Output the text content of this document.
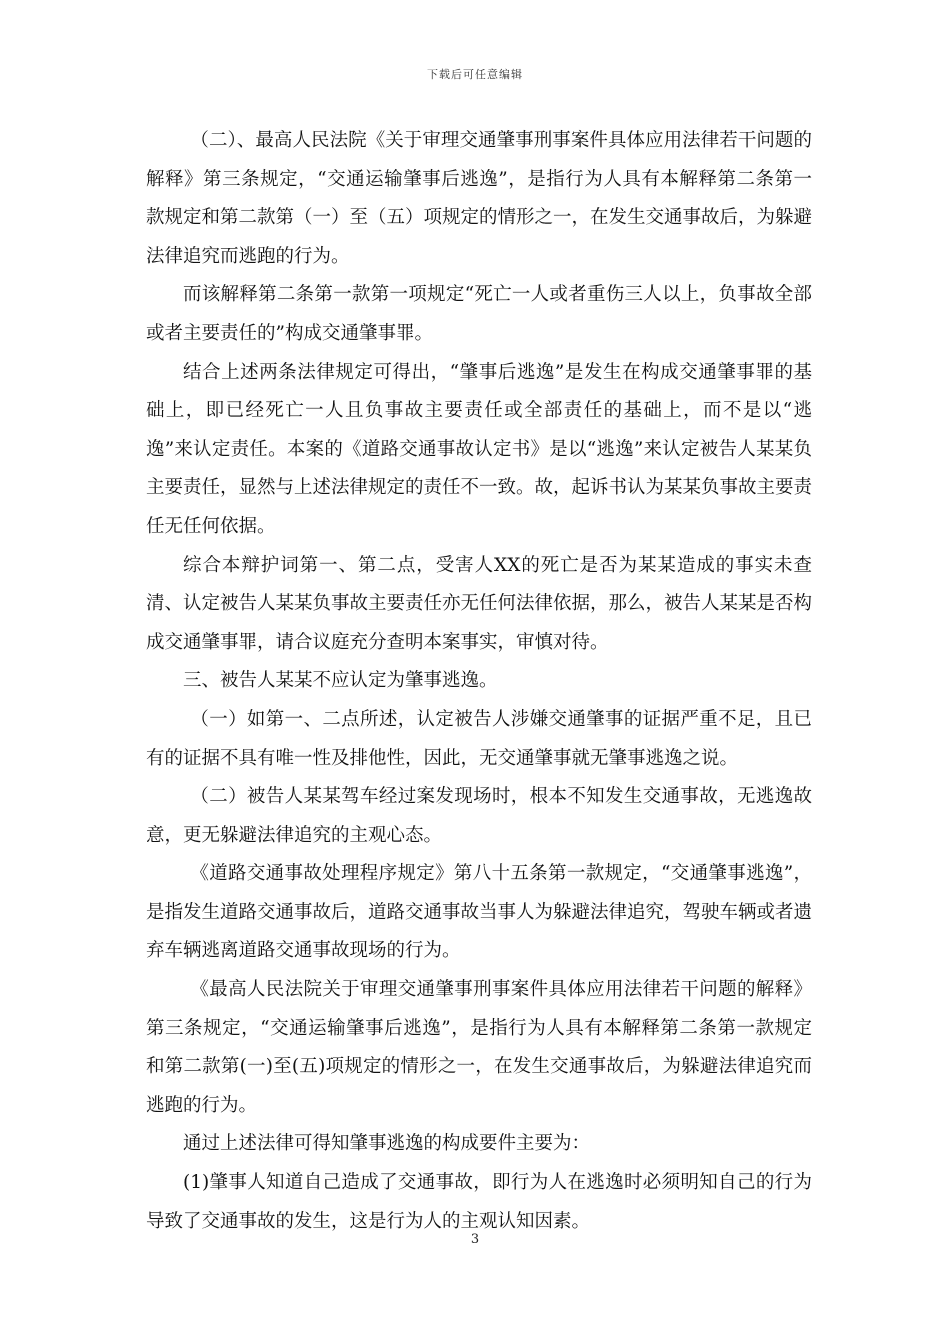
下载后可任意编辑

（二）、最高人民法院《关于审理交通肇事刑事案件具体应用法律若干问题的解释》第三条规定，“交通运输肇事后逃逸”，是指行为人具有本解释第二条第一款规定和第二款第（一）至（五）项规定的情形之一，在发生交通事故后，为躲避法律追究而逃跑的行为。

而该解释第二条第一款第一项规定“死亡一人或者重伤三人以上，负事故全部或者主要责任的”构成交通肇事罪。

结合上述两条法律规定可得出，“肇事后逃逸”是发生在构成交通肇事罪的基础上，即已经死亡一人且负事故主要责任或全部责任的基础上，而不是以“逃逸”来认定责任。本案的《道路交通事故认定书》是以“逃逸”来认定被告人某某负主要责任，显然与上述法律规定的责任不一致。故，起诉书认为某某负事故主要责任无任何依据。

综合本辩护词第一、第二点，受害人XX的死亡是否为某某造成的事实未查清、认定被告人某某负事故主要责任亦无任何法律依据，那么，被告人某某是否构成交通肇事罪，请合议庭充分查明本案事实，审慎对待。

三、被告人某某不应认定为肇事逃逸。

（一）如第一、二点所述，认定被告人涉嫌交通肇事的证据严重不足，且已有的证据不具有唯一性及排他性，因此，无交通肇事就无肇事逃逸之说。

（二）被告人某某驾车经过案发现场时，根本不知发生交通事故，无逃逸故意，更无躲避法律追究的主观心态。

《道路交通事故处理程序规定》第八十五条第一款规定，“交通肇事逃逸”，是指发生道路交通事故后，道路交通事故当事人为躲避法律追究，驾驶车辆或者遗弃车辆逃离道路交通事故现场的行为。

《最高人民法院关于审理交通肇事刑事案件具体应用法律若干问题的解释》第三条规定，“交通运输肇事后逃逸”，是指行为人具有本解释第二条第一款规定和第二款第(一)至(五)项规定的情形之一，在发生交通事故后，为躲避法律追究而逃跑的行为。

通过上述法律可得知肇事逃逸的构成要件主要为：

(1)肇事人知道自己造成了交通事故，即行为人在逃逸时必须明知自己的行为导致了交通事故的发生，这是行为人的主观认知因素。

3
